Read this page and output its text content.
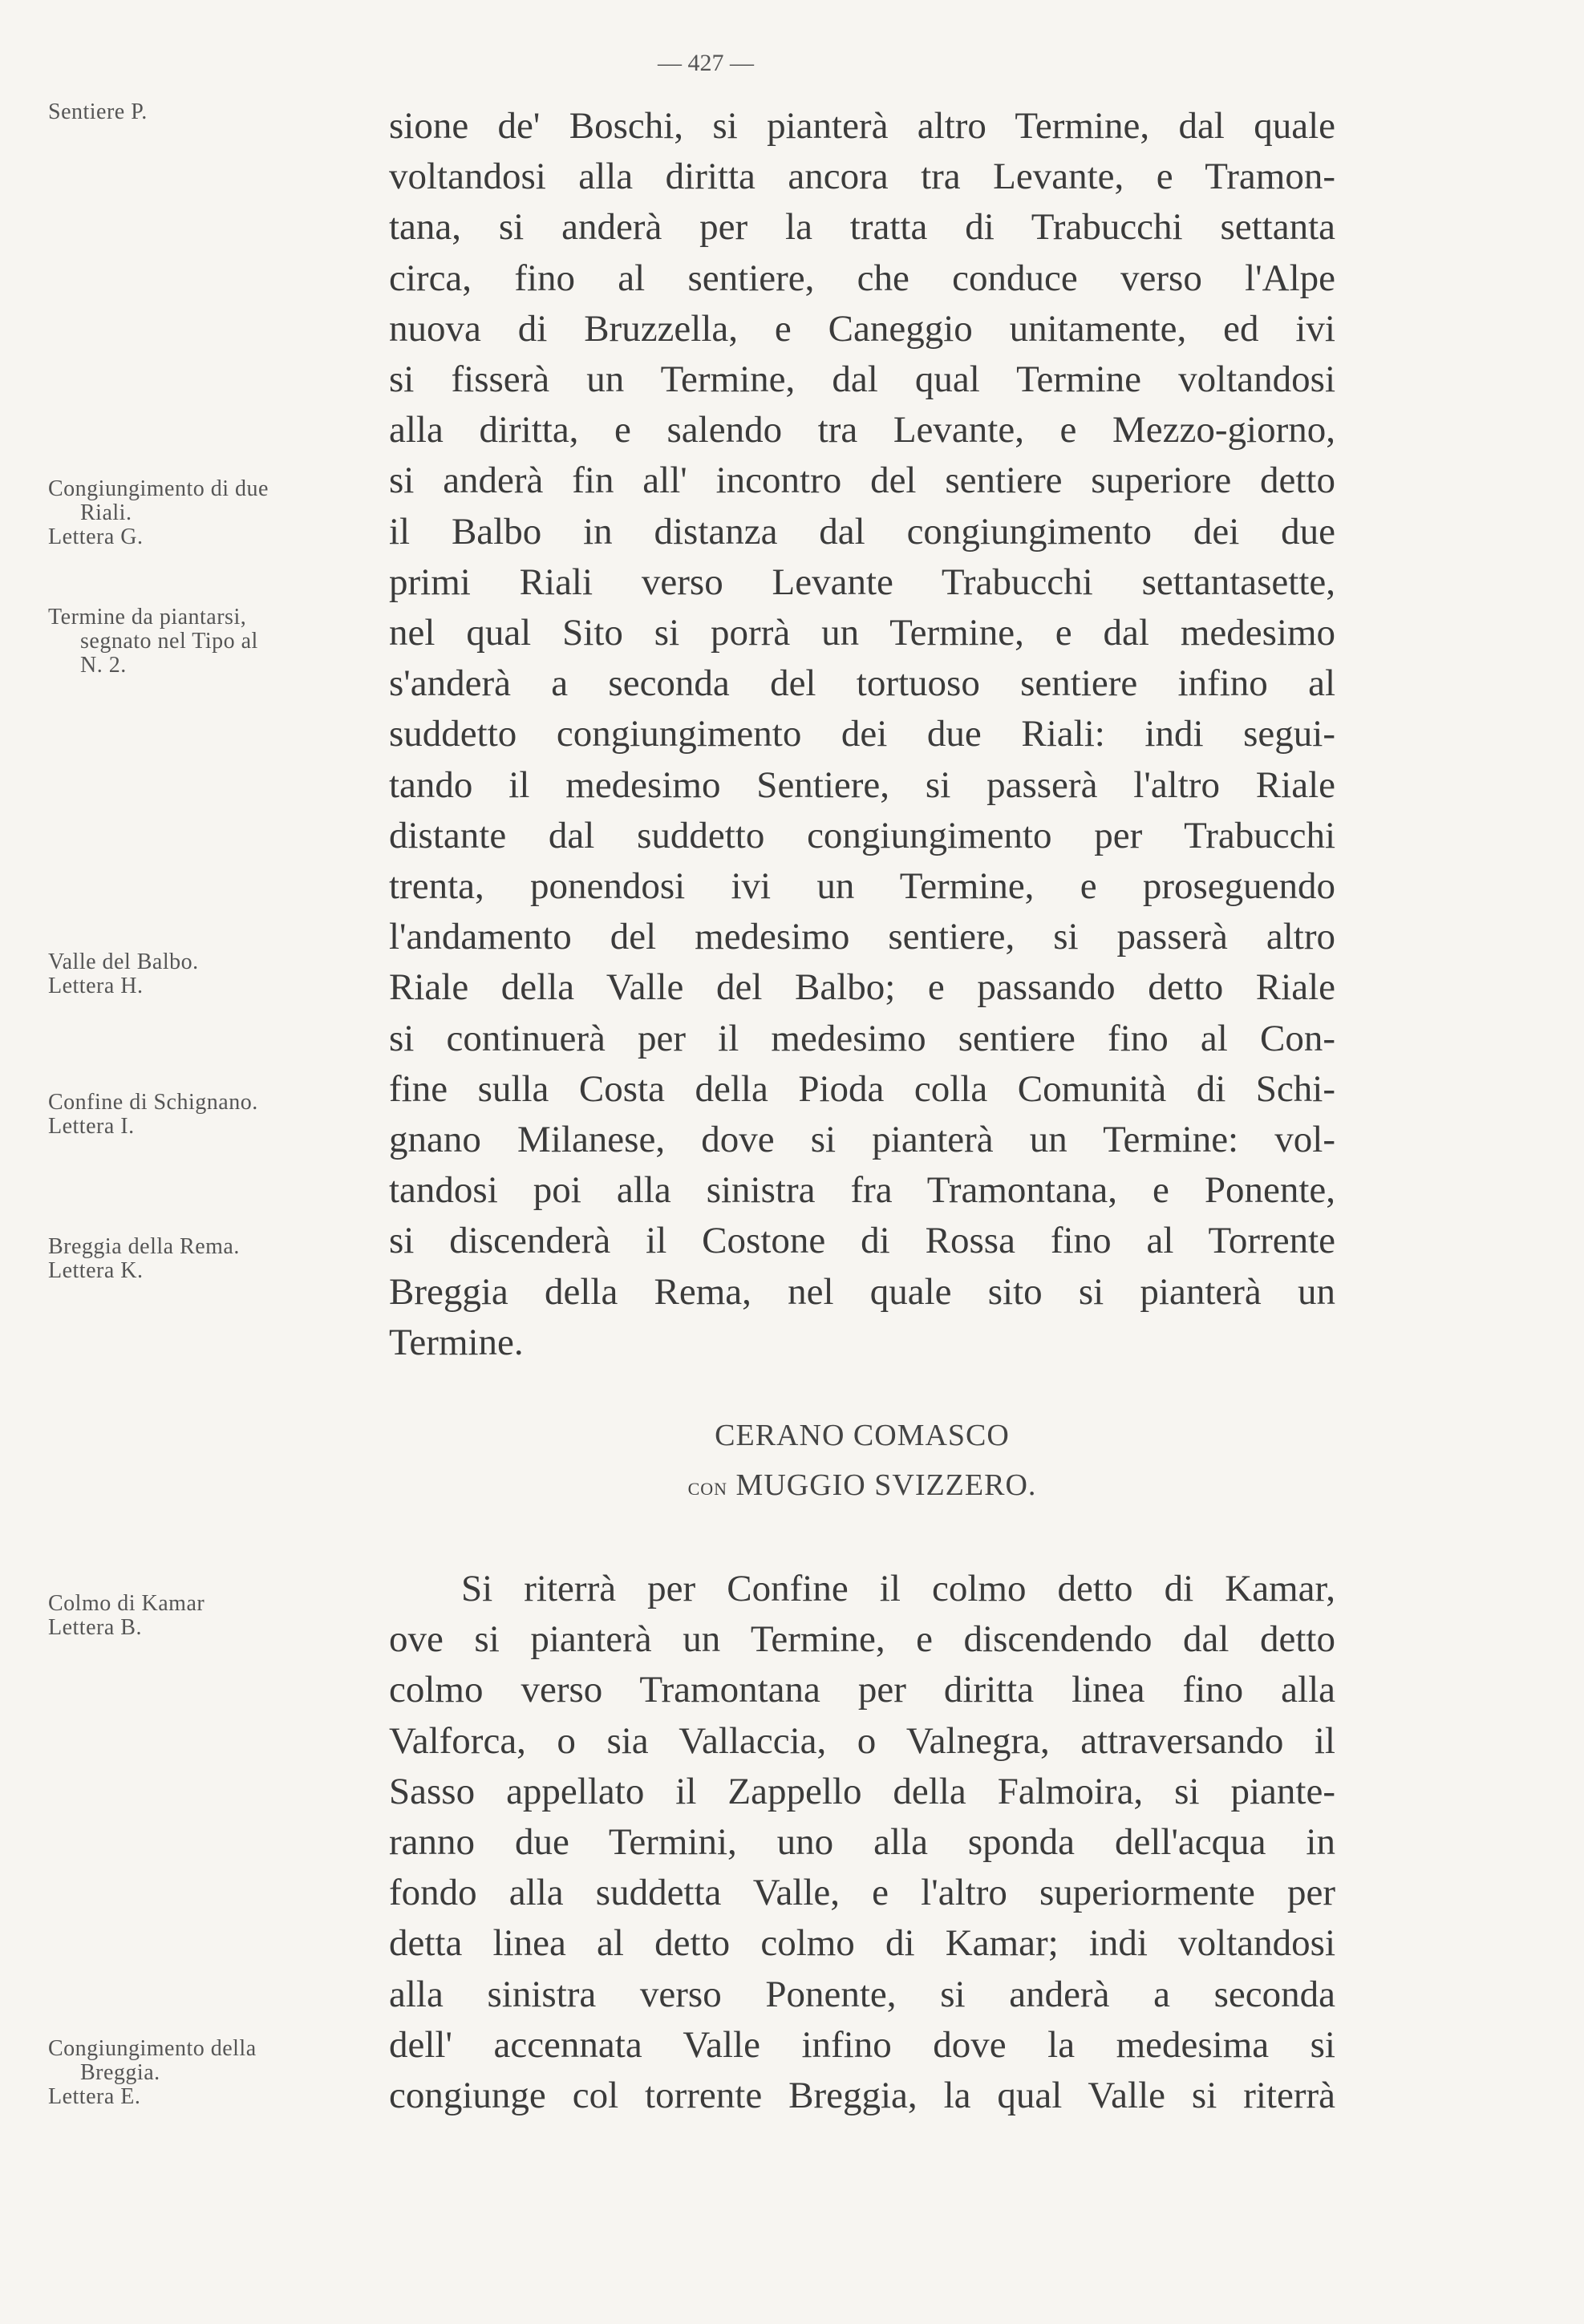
— 427 —
Sentiere P.
Congiungimento di due
Riali.
Lettera G.
Termine da piantarsi,
segnato nel Tipo al
N. 2.
Valle del Balbo.
Lettera H.
Confine di Schignano.
Lettera I.
Breggia della Rema.
Lettera K.
Colmo di Kamar
Lettera B.
Congiungimento della
Breggia.
Lettera E.
sione de' Boschi, si pianterà altro Termine, dal quale
voltandosi alla diritta ancora tra Levante, e Tramon-
tana, si anderà per la tratta di Trabucchi settanta
circa, fino al sentiere, che conduce verso l'Alpe
nuova di Bruzzella, e Caneggio unitamente, ed ivi
si fisserà un Termine, dal qual Termine voltandosi
alla diritta, e salendo tra Levante, e Mezzo-giorno,
si anderà fin all' incontro del sentiere superiore detto
il Balbo in distanza dal congiungimento dei due
primi Riali verso Levante Trabucchi settantasette,
nel qual Sito si porrà un Termine, e dal medesimo
s'anderà a seconda del tortuoso sentiere infino al
suddetto congiungimento dei due Riali: indi segui-
tando il medesimo Sentiere, si passerà l'altro Riale
distante dal suddetto congiungimento per Trabucchi
trenta, ponendosi ivi un Termine, e proseguendo
l'andamento del medesimo sentiere, si passerà altro
Riale della Valle del Balbo; e passando detto Riale
si continuerà per il medesimo sentiere fino al Con-
fine sulla Costa della Pioda colla Comunità di Schi-
gnano Milanese, dove si pianterà un Termine: vol-
tandosi poi alla sinistra fra Tramontana, e Ponente,
si discenderà il Costone di Rossa fino al Torrente
Breggia della Rema, nel quale sito si pianterà un
Termine.
CERANO COMASCO
CON MUGGIO SVIZZERO.
Si riterrà per Confine il colmo detto di Kamar,
ove si pianterà un Termine, e discendendo dal detto
colmo verso Tramontana per diritta linea fino alla
Valforca, o sia Vallaccia, o Valnegra, attraversando il
Sasso appellato il Zappello della Falmoira, si piante-
ranno due Termini, uno alla sponda dell'acqua in
fondo alla suddetta Valle, e l'altro superiormente per
detta linea al detto colmo di Kamar; indi voltandosi
alla sinistra verso Ponente, si anderà a seconda
dell' accennata Valle infino dove la medesima si
congiunge col torrente Breggia, la qual Valle si riterrà
